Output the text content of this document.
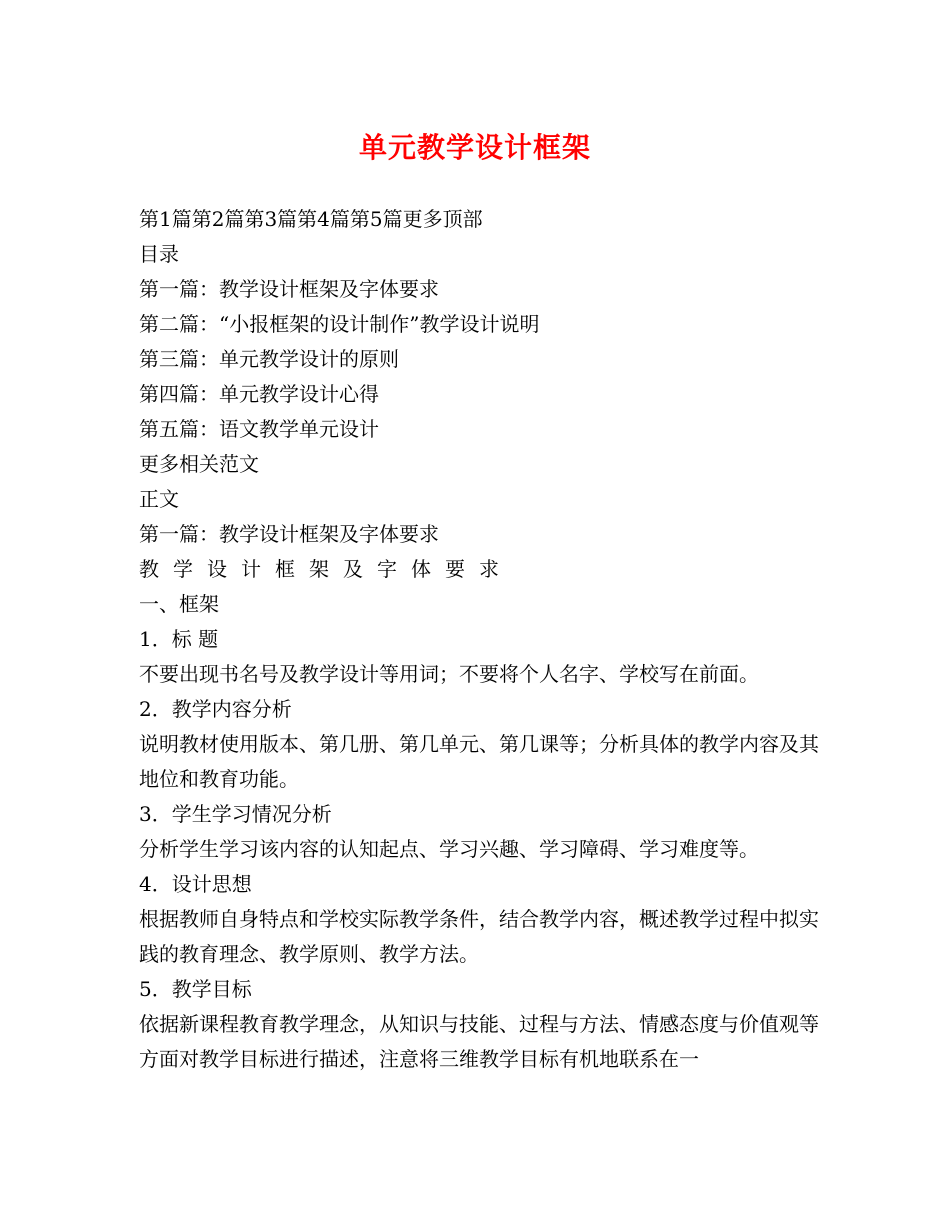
单元教学设计框架
第1篇第2篇第3篇第4篇第5篇更多顶部
目录
第一篇：教学设计框架及字体要求
第二篇：“小报框架的设计制作”教学设计说明
第三篇：单元教学设计的原则
第四篇：单元教学设计心得
第五篇：语文教学单元设计
更多相关范文
正文
第一篇：教学设计框架及字体要求
教学设计框架及字体要求
一、框架
1．标 题
不要出现书名号及教学设计等用词；不要将个人名字、学校写在前面。
2．教学内容分析
说明教材使用版本、第几册、第几单元、第几课等；分析具体的教学内容及其地位和教育功能。
3．学生学习情况分析
分析学生学习该内容的认知起点、学习兴趣、学习障碍、学习难度等。
4．设计思想
根据教师自身特点和学校实际教学条件，结合教学内容，概述教学过程中拟实践的教育理念、教学原则、教学方法。
5．教学目标
依据新课程教育教学理念，从知识与技能、过程与方法、情感态度与价值观等方面对教学目标进行描述，注意将三维教学目标有机地联系在一
